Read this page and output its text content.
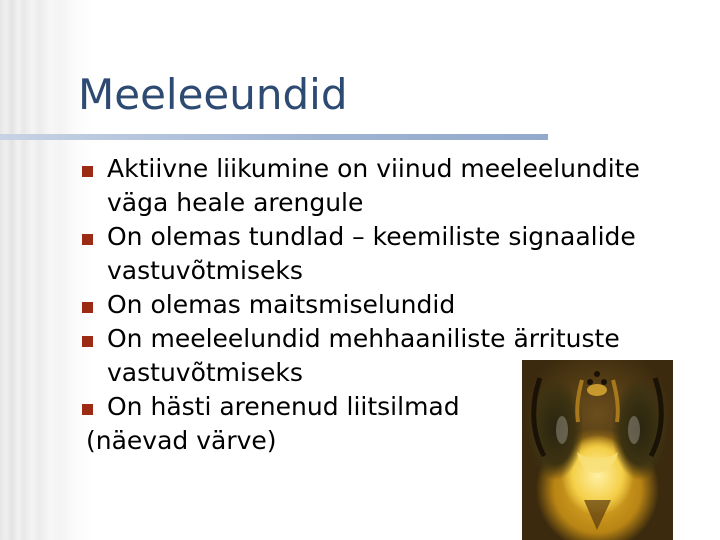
Meeleeundid
Aktiivne liikumine on viinud meeleelundite väga heale arengule
On olemas tundlad – keemiliste signaalide vastuvõtmiseks
On olemas maitsmiselundid
On meeleelundid mehhaaniliste ärrituste vastuvõtmiseks
On hästi arenenud liitsilmad
(näevad värve)
